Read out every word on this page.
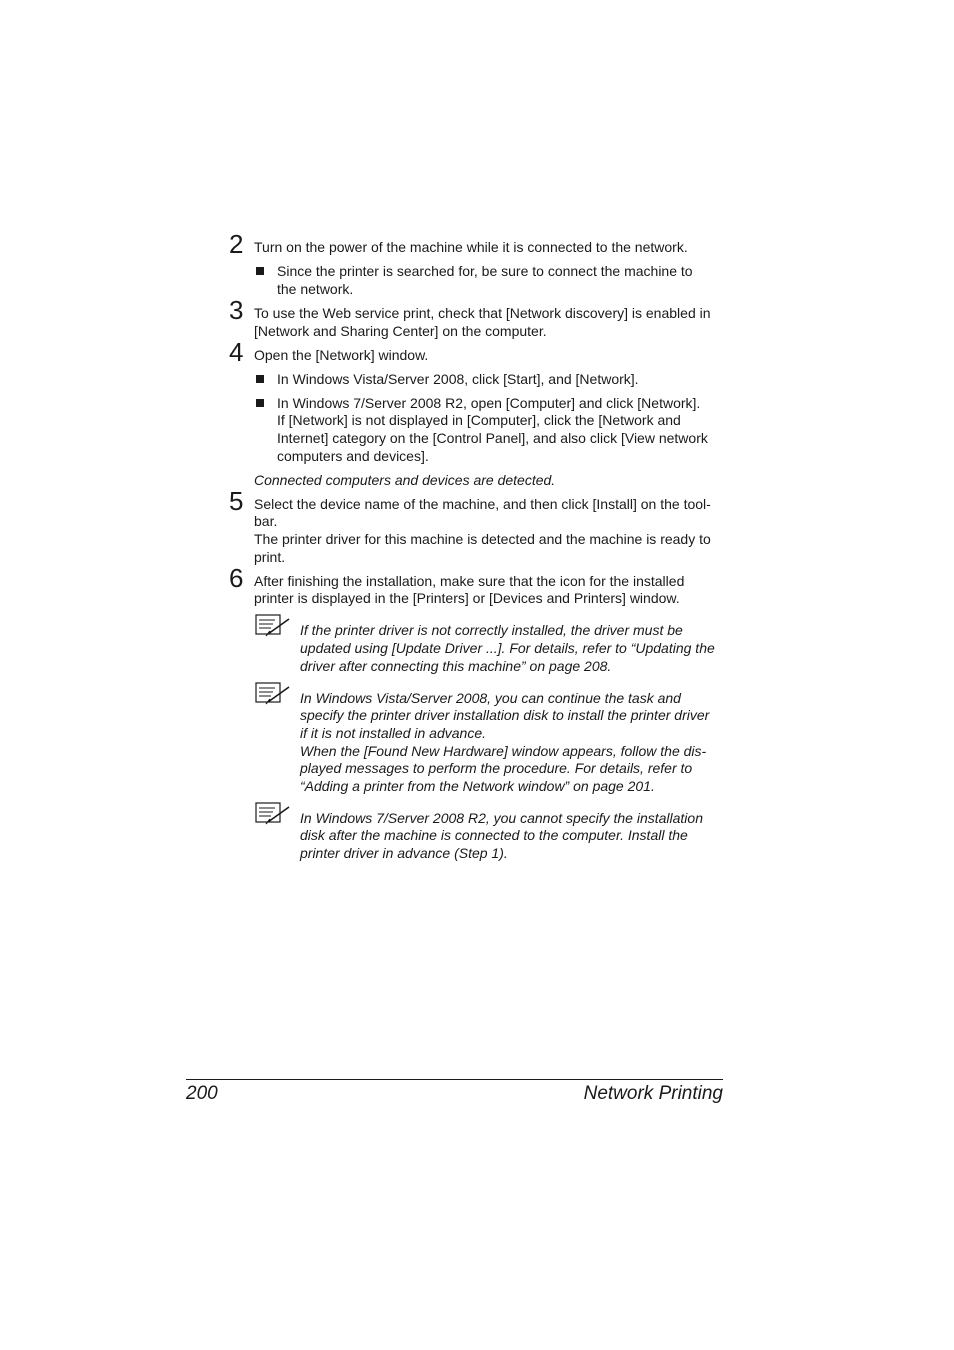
2 Turn on the power of the machine while it is connected to the network.
Since the printer is searched for, be sure to connect the machine to
the network.
3 To use the Web service print, check that [Network discovery] is enabled in
[Network and Sharing Center] on the computer.
4 Open the [Network] window.
In Windows Vista/Server 2008, click [Start], and [Network].
In Windows 7/Server 2008 R2, open [Computer] and click [Network].
If [Network] is not displayed in [Computer], click the [Network and
Internet] category on the [Control Panel], and also click [View network
computers and devices].
Connected computers and devices are detected.
5 Select the device name of the machine, and then click [Install] on the tool-
bar.
The printer driver for this machine is detected and the machine is ready to
print.
6 After finishing the installation, make sure that the icon for the installed
printer is displayed in the [Printers] or [Devices and Printers] window.
If the printer driver is not correctly installed, the driver must be
updated using [Update Driver ...]. For details, refer to “Updating the
driver after connecting this machine” on page 208.
In Windows Vista/Server 2008, you can continue the task and
specify the printer driver installation disk to install the printer driver
if it is not installed in advance.
When the [Found New Hardware] window appears, follow the dis-
played messages to perform the procedure. For details, refer to
“Adding a printer from the Network window” on page 201.
In Windows 7/Server 2008 R2, you cannot specify the installation
disk after the machine is connected to the computer. Install the
printer driver in advance (Step 1).
200	Network Printing
